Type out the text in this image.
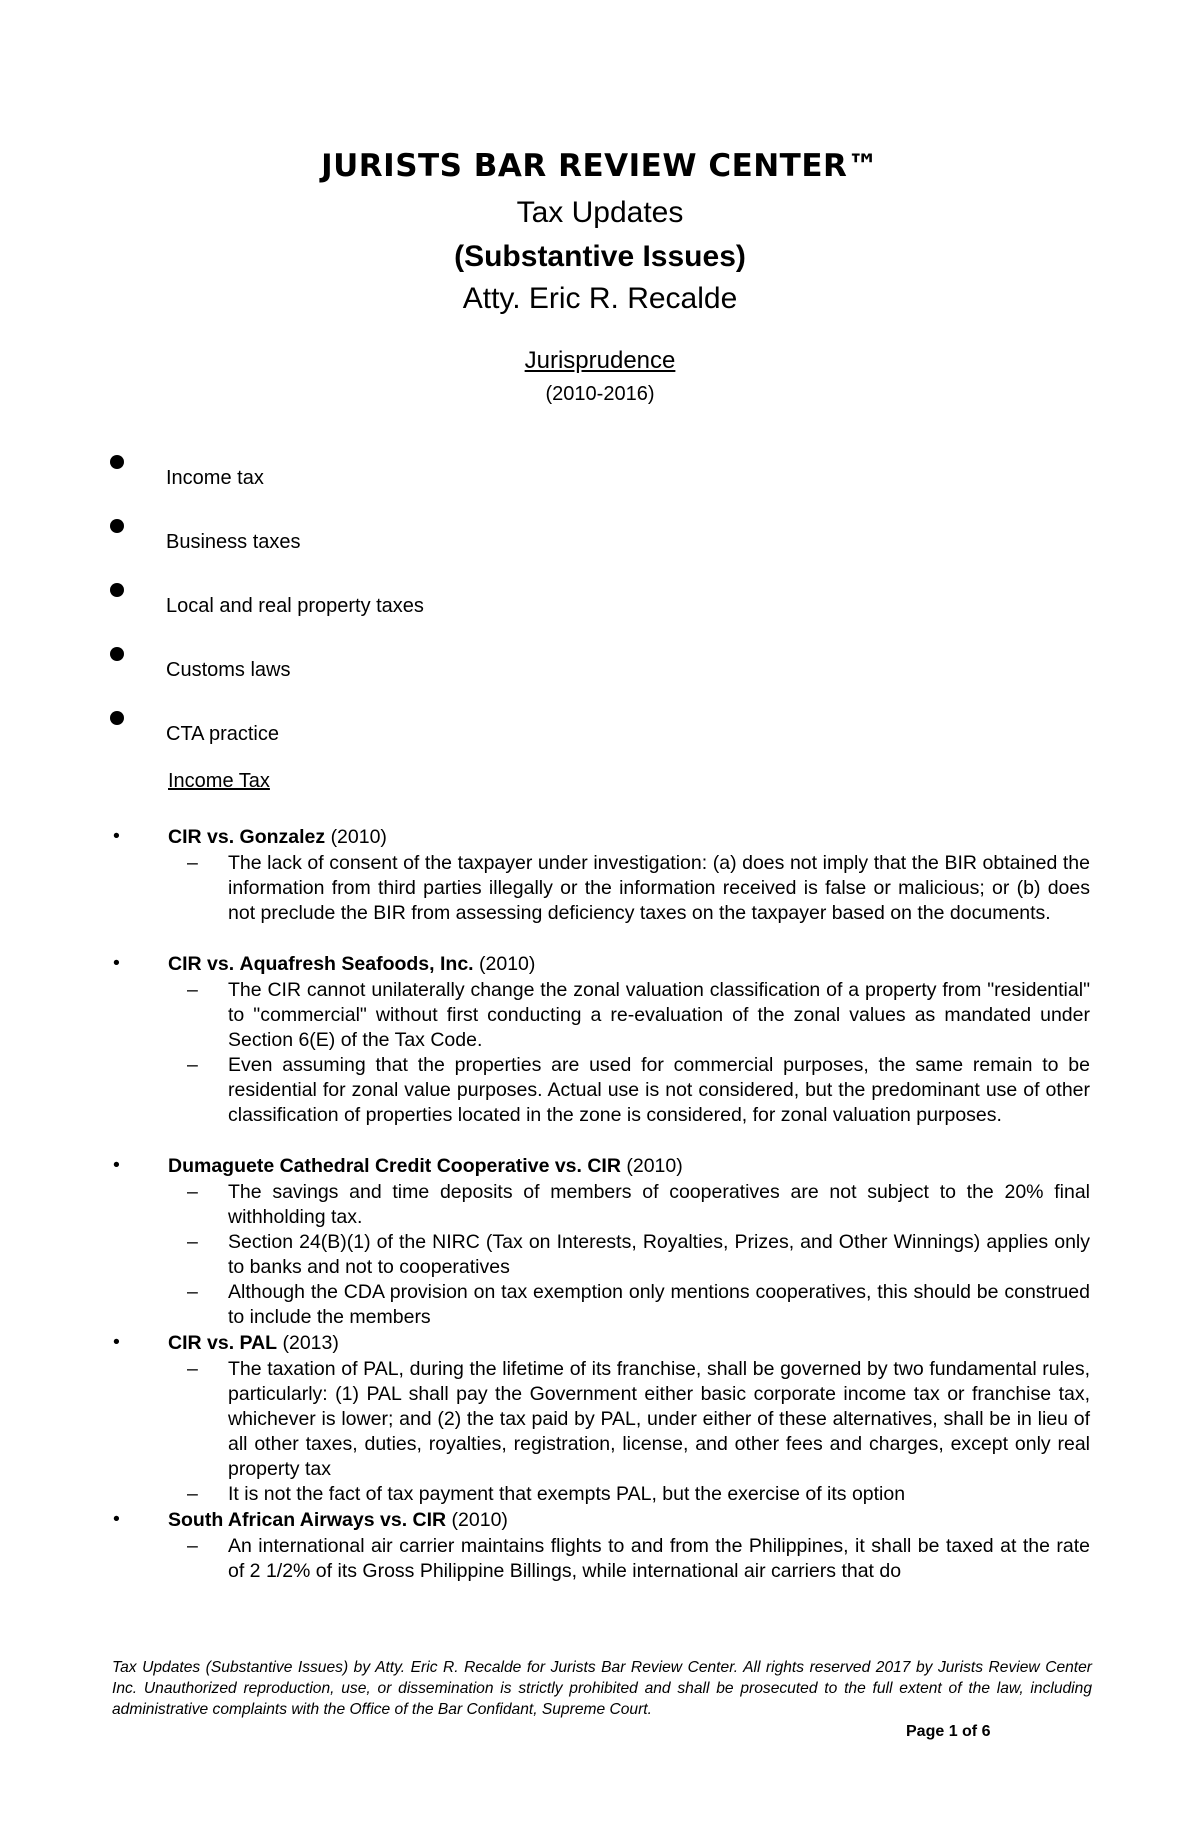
JURISTS BAR REVIEW CENTER™
Tax Updates
(Substantive Issues)
Atty. Eric R. Recalde
Jurisprudence
(2010-2016)
Income tax
Business taxes
Local and real property taxes
Customs laws
CTA practice
Income Tax
• CIR vs. Gonzalez (2010)
– The lack of consent of the taxpayer under investigation: (a) does not imply that the BIR obtained the information from third parties illegally or the information received is false or malicious; or (b) does not preclude the BIR from assessing deficiency taxes on the taxpayer based on the documents.
• CIR vs. Aquafresh Seafoods, Inc. (2010)
– The CIR cannot unilaterally change the zonal valuation classification of a property from "residential" to "commercial" without first conducting a re-evaluation of the zonal values as mandated under Section 6(E) of the Tax Code.
– Even assuming that the properties are used for commercial purposes, the same remain to be residential for zonal value purposes. Actual use is not considered, but the predominant use of other classification of properties located in the zone is considered, for zonal valuation purposes.
• Dumaguete Cathedral Credit Cooperative vs. CIR (2010)
– The savings and time deposits of members of cooperatives are not subject to the 20% final withholding tax.
– Section 24(B)(1) of the NIRC (Tax on Interests, Royalties, Prizes, and Other Winnings) applies only to banks and not to cooperatives
– Although the CDA provision on tax exemption only mentions cooperatives, this should be construed to include the members
• CIR vs. PAL (2013)
– The taxation of PAL, during the lifetime of its franchise, shall be governed by two fundamental rules, particularly: (1) PAL shall pay the Government either basic corporate income tax or franchise tax, whichever is lower; and (2) the tax paid by PAL, under either of these alternatives, shall be in lieu of all other taxes, duties, royalties, registration, license, and other fees and charges, except only real property tax
– It is not the fact of tax payment that exempts PAL, but the exercise of its option
• South African Airways vs. CIR (2010)
– An international air carrier maintains flights to and from the Philippines, it shall be taxed at the rate of 2 1/2% of its Gross Philippine Billings, while international air carriers that do
Tax Updates (Substantive Issues) by Atty. Eric R. Recalde for Jurists Bar Review Center. All rights reserved 2017 by Jurists Review Center Inc. Unauthorized reproduction, use, or dissemination is strictly prohibited and shall be prosecuted to the full extent of the law, including administrative complaints with the Office of the Bar Confidant, Supreme Court.
Page 1 of 6
